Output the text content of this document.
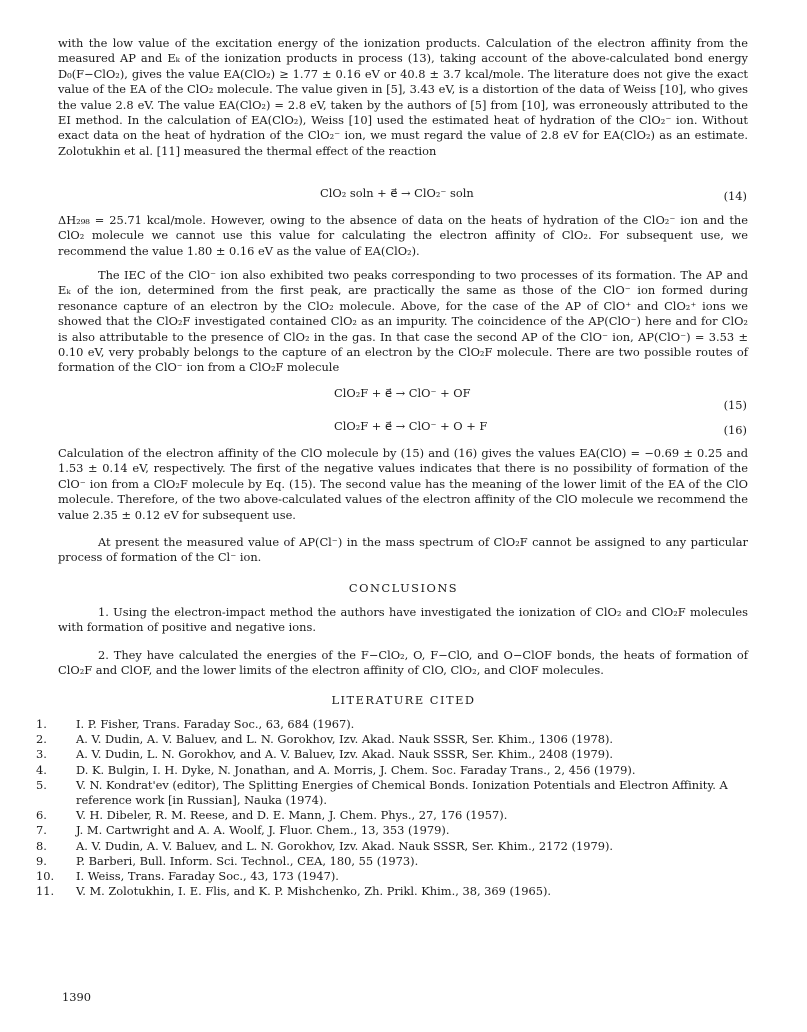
with the low value of the excitation energy of the ionization products. Calculation of the electron affinity from the measured AP and Eₖ of the ionization products in process (13), taking account of the above-calculated bond energy D₀(F−ClO₂), gives the value EA(ClO₂) ≥ 1.77 ± 0.16 eV or 40.8 ± 3.7 kcal/mole. The literature does not give the exact value of the EA of the ClO₂ molecule. The value given in [5], 3.43 eV, is a distortion of the data of Weiss [10], who gives the value 2.8 eV. The value EA(ClO₂) = 2.8 eV, taken by the authors of [5] from [10], was erroneously attributed to the EI method. In the calculation of EA(ClO₂), Weiss [10] used the estimated heat of hydration of the ClO₂⁻ ion. Without exact data on the heat of hydration of the ClO₂⁻ ion, we must regard the value of 2.8 eV for EA(ClO₂) as an estimate. Zolotukhin et al. [11] measured the thermal effect of the reaction

ClO₂ soln + e⃗ → ClO₂⁻ soln	(14)

ΔH₂₉₈ = 25.71 kcal/mole. However, owing to the absence of data on the heats of hydration of the ClO₂⁻ ion and the ClO₂ molecule we cannot use this value for calculating the electron affinity of ClO₂. For subsequent use, we recommend the value 1.80 ± 0.16 eV as the value of EA(ClO₂).

The IEC of the ClO⁻ ion also exhibited two peaks corresponding to two processes of its formation. The AP and Eₖ of the ion, determined from the first peak, are practically the same as those of the ClO⁻ ion formed during resonance capture of an electron by the ClO₂ molecule. Above, for the case of the AP of ClO⁺ and ClO₂⁺ ions we showed that the ClO₂F investigated contained ClO₂ as an impurity. The coincidence of the AP(ClO⁻) here and for ClO₂ is also attributable to the presence of ClO₂ in the gas. In that case the second AP of the ClO⁻ ion, AP(ClO⁻) = 3.53 ± 0.10 eV, very probably belongs to the capture of an electron by the ClO₂F molecule. There are two possible routes of formation of the ClO⁻ ion from a ClO₂F molecule

ClO₂F + e⃗ → ClO⁻ + OF
(15)
ClO₂F + e⃗ → ClO⁻ + O + F	(16)

Calculation of the electron affinity of the ClO molecule by (15) and (16) gives the values EA(ClO) = −0.69 ± 0.25 and 1.53 ± 0.14 eV, respectively. The first of the negative values indicates that there is no possibility of formation of the ClO⁻ ion from a ClO₂F molecule by Eq. (15). The second value has the meaning of the lower limit of the EA of the ClO molecule. Therefore, of the two above-calculated values of the electron affinity of the ClO molecule we recommend the value 2.35 ± 0.12 eV for subsequent use.

At present the measured value of AP(Cl⁻) in the mass spectrum of ClO₂F cannot be assigned to any particular process of formation of the Cl⁻ ion.

CONCLUSIONS

1. Using the electron-impact method the authors have investigated the ionization of ClO₂ and ClO₂F molecules with formation of positive and negative ions.

2. They have calculated the energies of the F−ClO₂, O, F−ClO, and O−ClOF bonds, the heats of formation of ClO₂F and ClOF, and the lower limits of the electron affinity of ClO, ClO₂, and ClOF molecules.

LITERATURE CITED
1.	I. P. Fisher, Trans. Faraday Soc., 63, 684 (1967).
2.	A. V. Dudin, A. V. Baluev, and L. N. Gorokhov, Izv. Akad. Nauk SSSR, Ser. Khim., 1306 (1978).
3.	A. V. Dudin, L. N. Gorokhov, and A. V. Baluev, Izv. Akad. Nauk SSSR, Ser. Khim., 2408 (1979).
4.	D. K. Bulgin, I. H. Dyke, N. Jonathan, and A. Morris, J. Chem. Soc. Faraday Trans., 2, 456 (1979).
5.	V. N. Kondrat'ev (editor), The Splitting Energies of Chemical Bonds. Ionization Potentials and Electron Affinity. A reference work [in Russian], Nauka (1974).
6.	V. H. Dibeler, R. M. Reese, and D. E. Mann, J. Chem. Phys., 27, 176 (1957).
7.	J. M. Cartwright and A. A. Woolf, J. Fluor. Chem., 13, 353 (1979).
8.	A. V. Dudin, A. V. Baluev, and L. N. Gorokhov, Izv. Akad. Nauk SSSR, Ser. Khim., 2172 (1979).
9.	P. Barberi, Bull. Inform. Sci. Technol., CEA, 180, 55 (1973).
10.	I. Weiss, Trans. Faraday Soc., 43, 173 (1947).
11.	V. M. Zolotukhin, I. E. Flis, and K. P. Mishchenko, Zh. Prikl. Khim., 38, 369 (1965).
1390
